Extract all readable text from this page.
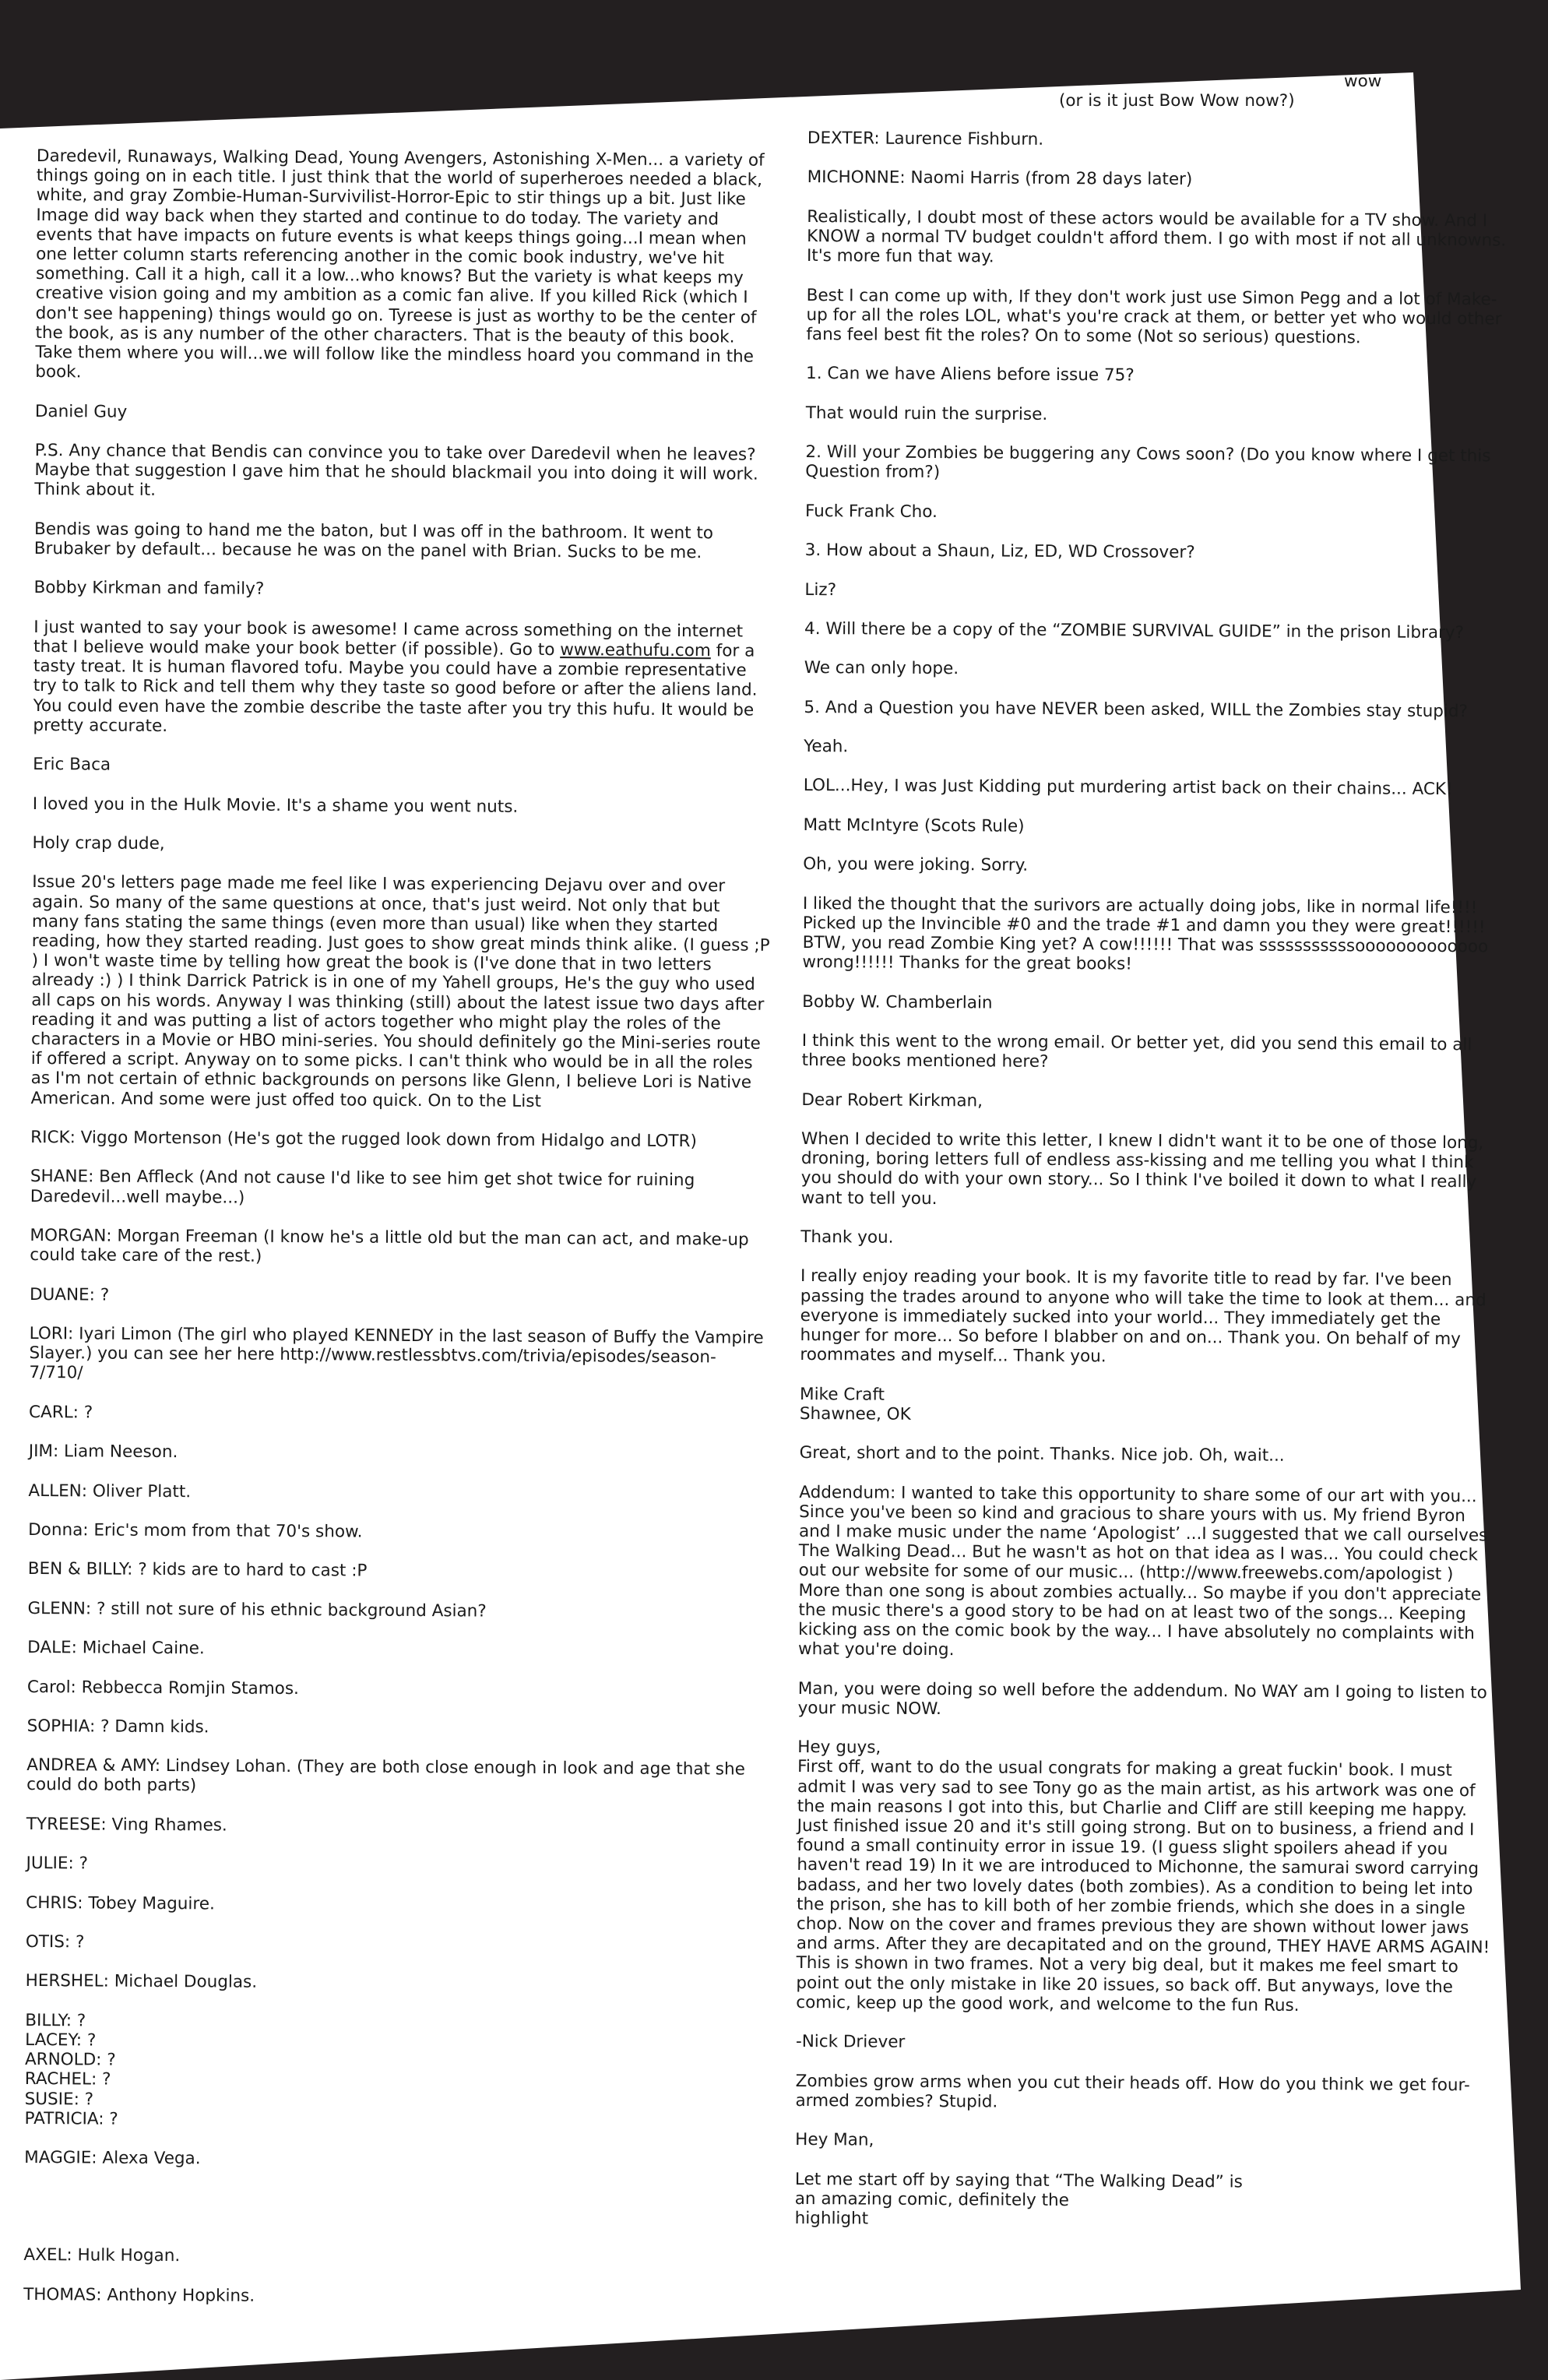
wow
(or is it just Bow Wow now?)

Daredevil, Runaways, Walking Dead, Young Avengers, Astonishing X-Men... a variety of things going on in each title. I just think that the world of superheroes needed a black, white, and gray Zombie-Human-Survivilist-Horror-Epic to stir things up a bit. Just like Image did way back when they started and continue to do today. The variety and events that have impacts on future events is what keeps things going...I mean when one letter column starts referencing another in the comic book industry, we've hit something. Call it a high, call it a low...who knows? But the variety is what keeps my creative vision going and my ambition as a comic fan alive. If you killed Rick (which I don't see happening) things would go on. Tyreese is just as worthy to be the center of the book, as is any number of the other characters. That is the beauty of this book. Take them where you will...we will follow like the mindless hoard you command in the book.

Daniel Guy

P.S. Any chance that Bendis can convince you to take over Daredevil when he leaves? Maybe that suggestion I gave him that he should blackmail you into doing it will work. Think about it.

Bendis was going to hand me the baton, but I was off in the bathroom. It went to Brubaker by default... because he was on the panel with Brian. Sucks to be me.

Bobby Kirkman and family?

I just wanted to say your book is awesome! I came across something on the internet that I believe would make your book better (if possible). Go to www.eathufu.com for a tasty treat. It is human flavored tofu. Maybe you could have a zombie representative try to talk to Rick and tell them why they taste so good before or after the aliens land. You could even have the zombie describe the taste after you try this hufu. It would be pretty accurate.

Eric Baca

I loved you in the Hulk Movie. It's a shame you went nuts.

Holy crap dude,

Issue 20's letters page made me feel like I was experiencing Dejavu over and over again. So many of the same questions at once, that's just weird. Not only that but many fans stating the same things (even more than usual) like when they started reading, how they started reading. Just goes to show great minds think alike. (I guess ;P ) I won't waste time by telling how great the book is (I've done that in two letters already :) ) I think Darrick Patrick is in one of my Yahell groups, He's the guy who used all caps on his words. Anyway I was thinking (still) about the latest issue two days after reading it and was putting a list of actors together who might play the roles of the characters in a Movie or HBO mini-series. You should definitely go the Mini-series route if offered a script. Anyway on to some picks. I can't think who would be in all the roles as I'm not certain of ethnic backgrounds on persons like Glenn, I believe Lori is Native American. And some were just offed too quick. On to the List

RICK: Viggo Mortenson (He's got the rugged look down from Hidalgo and LOTR)

SHANE: Ben Affleck (And not cause I'd like to see him get shot twice for ruining Daredevil...well maybe...)

MORGAN: Morgan Freeman (I know he's a little old but the man can act, and make-up could take care of the rest.)

DUANE: ?

LORI: Iyari Limon (The girl who played KENNEDY in the last season of Buffy the Vampire Slayer.) you can see her here http://www.restlessbtvs.com/trivia/episodes/season-7/710/

CARL: ?

JIM: Liam Neeson.

ALLEN: Oliver Platt.

Donna: Eric's mom from that 70's show.

BEN & BILLY: ? kids are to hard to cast :P

GLENN: ? still not sure of his ethnic background Asian?

DALE: Michael Caine.

Carol: Rebbecca Romjin Stamos.

SOPHIA: ? Damn kids.

ANDREA & AMY: Lindsey Lohan. (They are both close enough in look and age that she could do both parts)

TYREESE: Ving Rhames.

JULIE: ?

CHRIS: Tobey Maguire.

OTIS: ?

HERSHEL: Michael Douglas.

BILLY: ?
LACEY: ?
ARNOLD: ?
RACHEL: ?
SUSIE: ?
PATRICIA: ?

MAGGIE: Alexa Vega.

AXEL: Hulk Hogan.

THOMAS: Anthony Hopkins.

DEXTER: Laurence Fishburn.

MICHONNE: Naomi Harris (from 28 days later)

Realistically, I doubt most of these actors would be available for a TV show. And I KNOW a normal TV budget couldn't afford them. I go with most if not all unknowns. It's more fun that way.

Best I can come up with, If they don't work just use Simon Pegg and a lot of Make-up for all the roles LOL, what's you're crack at them, or better yet who would other fans feel best fit the roles? On to some (Not so serious) questions.

1. Can we have Aliens before issue 75?

That would ruin the surprise.

2. Will your Zombies be buggering any Cows soon? (Do you know where I get this Question from?)

Fuck Frank Cho.

3. How about a Shaun, Liz, ED, WD Crossover?

Liz?

4. Will there be a copy of the “ZOMBIE SURVIVAL GUIDE” in the prison Library?

We can only hope.

5. And a Question you have NEVER been asked, WILL the Zombies stay stupid?

Yeah.

LOL...Hey, I was Just Kidding put murdering artist back on their chains... ACK!

Matt McIntyre (Scots Rule)

Oh, you were joking. Sorry.

I liked the thought that the surivors are actually doing jobs, like in normal life!!!! Picked up the Invincible #0 and the trade #1 and damn you they were great!!!!!! BTW, you read Zombie King yet? A cow!!!!!! That was sssssssssssooooooooooooo wrong!!!!!! Thanks for the great books!

Bobby W. Chamberlain

I think this went to the wrong email. Or better yet, did you send this email to all three books mentioned here?

Dear Robert Kirkman,

When I decided to write this letter, I knew I didn't want it to be one of those long, droning, boring letters full of endless ass-kissing and me telling you what I think you should do with your own story... So I think I've boiled it down to what I really want to tell you.

Thank you.

I really enjoy reading your book. It is my favorite title to read by far. I've been passing the trades around to anyone who will take the time to look at them... and everyone is immediately sucked into your world... They immediately get the hunger for more... So before I blabber on and on... Thank you. On behalf of my roommates and myself... Thank you.

Mike Craft
Shawnee, OK

Great, short and to the point. Thanks. Nice job. Oh, wait...

Addendum: I wanted to take this opportunity to share some of our art with you... Since you've been so kind and gracious to share yours with us. My friend Byron and I make music under the name ‘Apologist’ ...I suggested that we call ourselves The Walking Dead... But he wasn't as hot on that idea as I was... You could check out our website for some of our music... (http://www.freewebs.com/apologist ) More than one song is about zombies actually... So maybe if you don't appreciate the music there's a good story to be had on at least two of the songs... Keeping kicking ass on the comic book by the way... I have absolutely no complaints with what you're doing.

Man, you were doing so well before the addendum. No WAY am I going to listen to your music NOW.

Hey guys,
First off, want to do the usual congrats for making a great fuckin' book. I must admit I was very sad to see Tony go as the main artist, as his artwork was one of the main reasons I got into this, but Charlie and Cliff are still keeping me happy. Just finished issue 20 and it's still going strong. But on to business, a friend and I found a small continuity error in issue 19. (I guess slight spoilers ahead if you haven't read 19) In it we are introduced to Michonne, the samurai sword carrying badass, and her two lovely dates (both zombies). As a condition to being let into the prison, she has to kill both of her zombie friends, which she does in a single chop. Now on the cover and frames previous they are shown without lower jaws and arms. After they are decapitated and on the ground, THEY HAVE ARMS AGAIN! This is shown in two frames. Not a very big deal, but it makes me feel smart to point out the only mistake in like 20 issues, so back off. But anyways, love the comic, keep up the good work, and welcome to the fun Rus.

-Nick Driever

Zombies grow arms when you cut their heads off. How do you think we get four-armed zombies? Stupid.

Hey Man,

Let me start off by saying that “The Walking Dead” is
an amazing comic, definitely the
highlight
